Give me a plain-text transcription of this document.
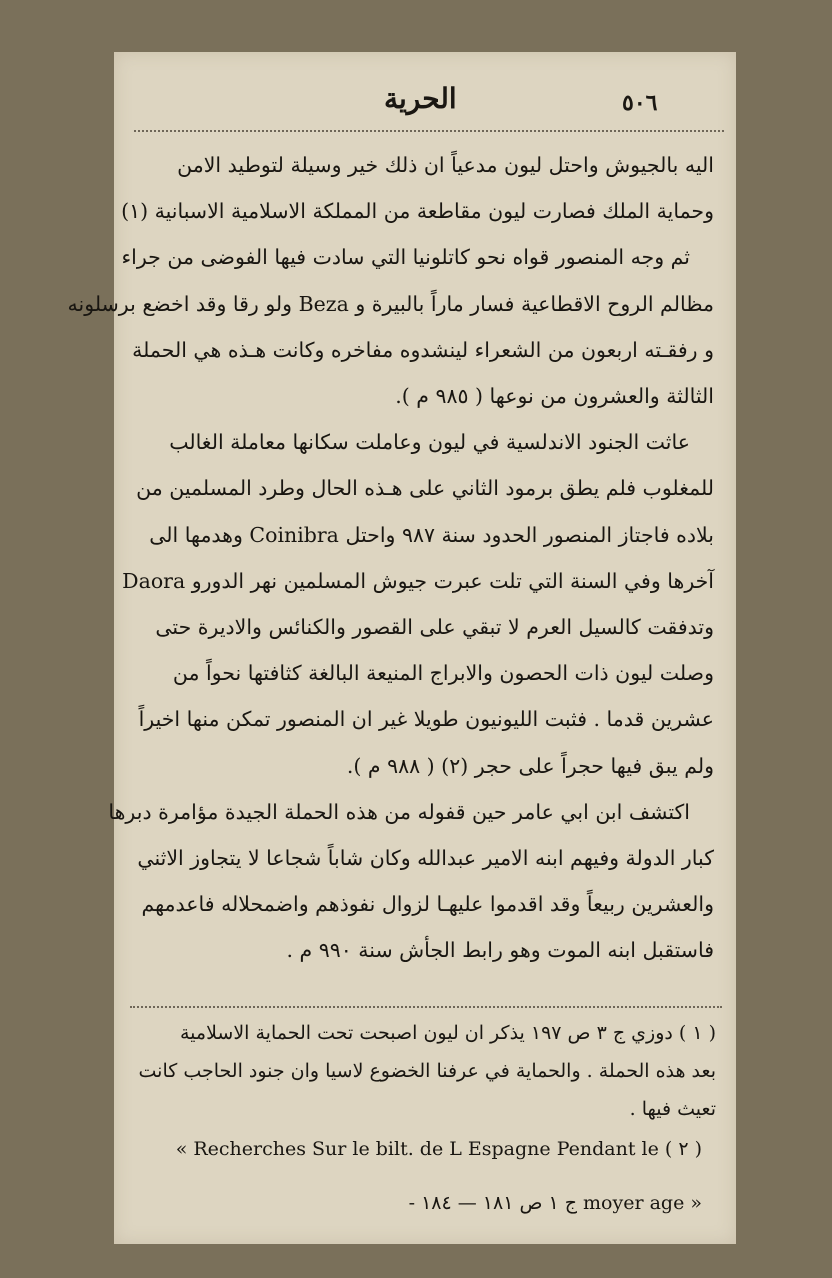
٥٠٦
الحرية
اليه بالجيوش واحتل ليون مدعياً ان ذلك خير وسيلة لتوطيد الامن
وحماية الملك فصارت ليون مقاطعة من المملكة الاسلامية الاسبانية (١)
ثم وجه المنصور قواه نحو كاتلونيا التي سادت فيها الفوضى من جراء
مظالم الروح الاقطاعية فسار ماراً بالبيرة و Beza ولو رقا وقد اخضع برسلونه
و رفقـته اربعون من الشعراء لينشدوه مفاخره وكانت هـذه هي الحملة
الثالثة والعشرون من نوعها ( ٩٨٥ م ).
عاثت الجنود الاندلسية في ليون وعاملت سكانها معاملة الغالب
للمغلوب فلم يطق برمود الثاني على هـذه الحال وطرد المسلمين من
بلاده فاجتاز المنصور الحدود سنة ٩٨٧ واحتل Coinibra وهدمها الى
آخرها وفي السنة التي تلت عبرت جيوش المسلمين نهر الدورو Daora
وتدفقت كالسيل العرم لا تبقي على القصور والكنائس والاديرة حتى
وصلت ليون ذات الحصون والابراج المنيعة البالغة كثافتها نحواً من
عشرين قدما . فثبت الليونيون طويلا غير ان المنصور تمكن منها اخيراً
ولم يبق فيها حجراً على حجر (٢) ( ٩٨٨ م ).
اكتشف ابن ابي عامر حين قفوله من هذه الحملة الجيدة مؤامرة دبرها
كبار الدولة وفيهم ابنه الامير عبدالله وكان شاباً شجاعا لا يتجاوز الاثني
والعشرين ربيعاً وقد اقدموا عليهـا لزوال نفوذهم واضمحلاله فاعدمهم
فاستقبل ابنه الموت وهو رابط الجأش سنة ٩٩٠ م .
( ١ ) دوزي ج ٣ ص ١٩٧ يذكر ان ليون اصبحت تحت الحماية الاسلامية
بعد هذه الحملة . والحماية في عرفنا الخضوع لاسيا وان جنود الحاجب كانت
تعيث فيها .
( ٢ ) Recherches Sur le bilt. de L Espagne Pendant le »
« moyer age ج ١ ص ١٨١ — ١٨٤ -
